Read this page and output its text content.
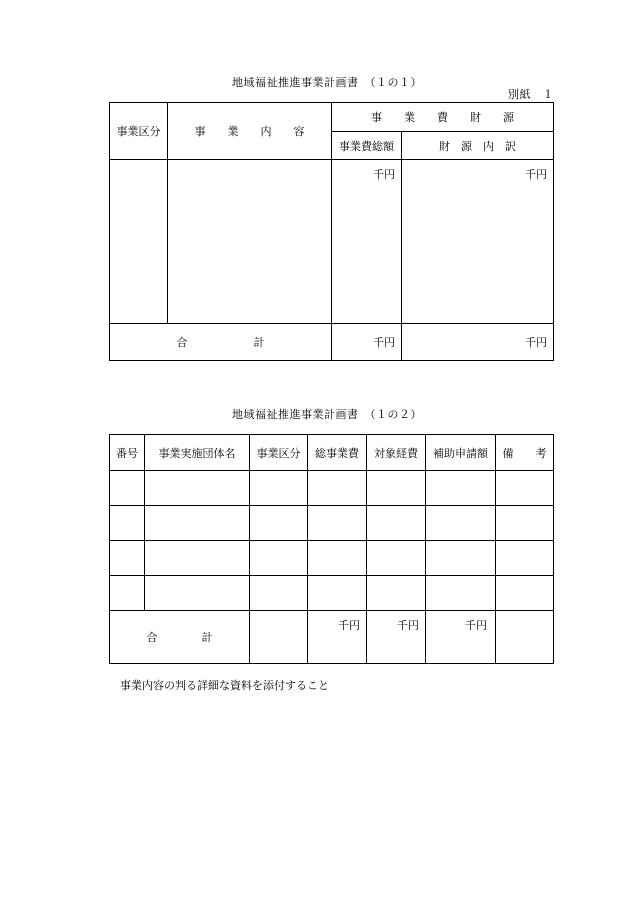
地域福祉推進事業計画書　（１の１）
別紙　１
事業区分	事　　業　　内　　容	事　　業　　費　　財　　源	
		事業費総額	財　源　内　訳
		千円	千円
合　　　　　　計		千円	千円
地域福祉推進事業計画書　（１の２）
番号	事業実施団体名	事業区分	総事業費	対象経費	補助申請額	備　　考

合　　　　計			千円	千円	千円	
事業内容の判る詳細な資料を添付すること
